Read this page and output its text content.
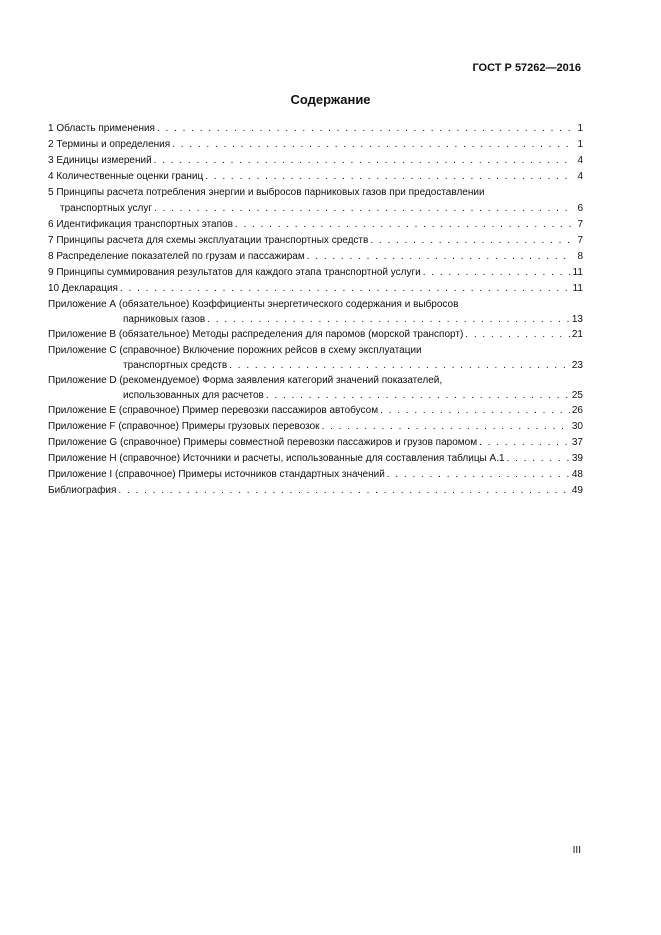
ГОСТ Р 57262—2016
Содержание
1 Область применения . . .	1
2 Термины и определения . . .	1
3 Единицы измерений . . .	4
4 Количественные оценки границ . . .	4
5 Принципы расчета потребления энергии и выбросов парниковых газов при предоставлении
транспортных услуг . . .	6
6 Идентификация транспортных этапов . . .	7
7 Принципы расчета для схемы эксплуатации транспортных средств . . .	7
8 Распределение показателей по грузам и пассажирам . . .	8
9 Принципы суммирования результатов для каждого этапа транспортной услуги . . .	11
10 Декларация . . .	11
Приложение А (обязательное) Коэффициенты энергетического содержания и выбросов
парниковых газов . . .	13
Приложение В (обязательное) Методы распределения для паромов (морской транспорт) . . .	21
Приложение С (справочное) Включение порожних рейсов в схему эксплуатации
транспортных средств . . .	23
Приложение D (рекомендуемое) Форма заявления категорий значений показателей,
использованных для расчетов . . .	25
Приложение Е (справочное) Пример перевозки пассажиров автобусом . . .	26
Приложение F (справочное) Примеры грузовых перевозок . . .	30
Приложение G (справочное) Примеры совместной перевозки пассажиров и грузов паромом . . .	37
Приложение Н (справочное) Источники и расчеты, использованные для составления таблицы А.1 . . .	39
Приложение I (справочное) Примеры источников стандартных значений . . .	48
Библиография . . .	49
III
